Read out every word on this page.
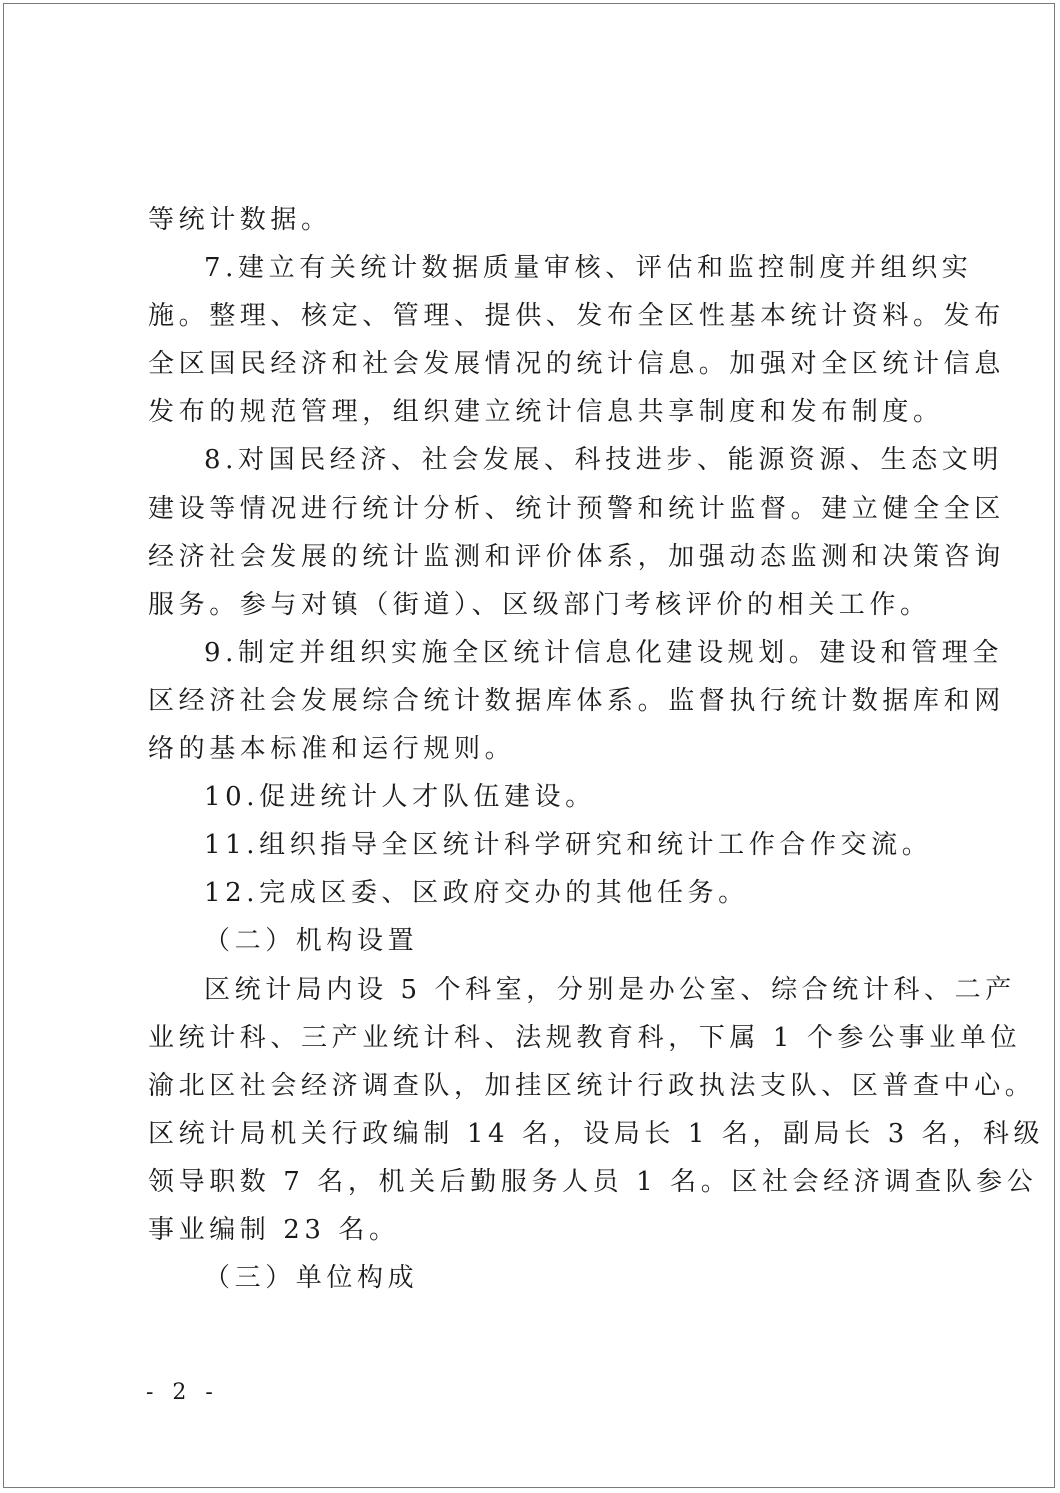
等统计数据。
7.建立有关统计数据质量审核、评估和监控制度并组织实
施。整理、核定、管理、提供、发布全区性基本统计资料。发布
全区国民经济和社会发展情况的统计信息。加强对全区统计信息
发布的规范管理，组织建立统计信息共享制度和发布制度。
8.对国民经济、社会发展、科技进步、能源资源、生态文明
建设等情况进行统计分析、统计预警和统计监督。建立健全全区
经济社会发展的统计监测和评价体系，加强动态监测和决策咨询
服务。参与对镇（街道）、区级部门考核评价的相关工作。
9.制定并组织实施全区统计信息化建设规划。建设和管理全
区经济社会发展综合统计数据库体系。监督执行统计数据库和网
络的基本标准和运行规则。
10.促进统计人才队伍建设。
11.组织指导全区统计科学研究和统计工作合作交流。
12.完成区委、区政府交办的其他任务。
（二）机构设置
区统计局内设 5 个科室，分别是办公室、综合统计科、二产
业统计科、三产业统计科、法规教育科，下属 1 个参公事业单位
渝北区社会经济调查队，加挂区统计行政执法支队、区普查中心。
区统计局机关行政编制 14 名，设局长 1 名，副局长 3 名，科级
领导职数 7 名，机关后勤服务人员 1 名。区社会经济调查队参公
事业编制 23 名。
（三）单位构成
- 2 -
